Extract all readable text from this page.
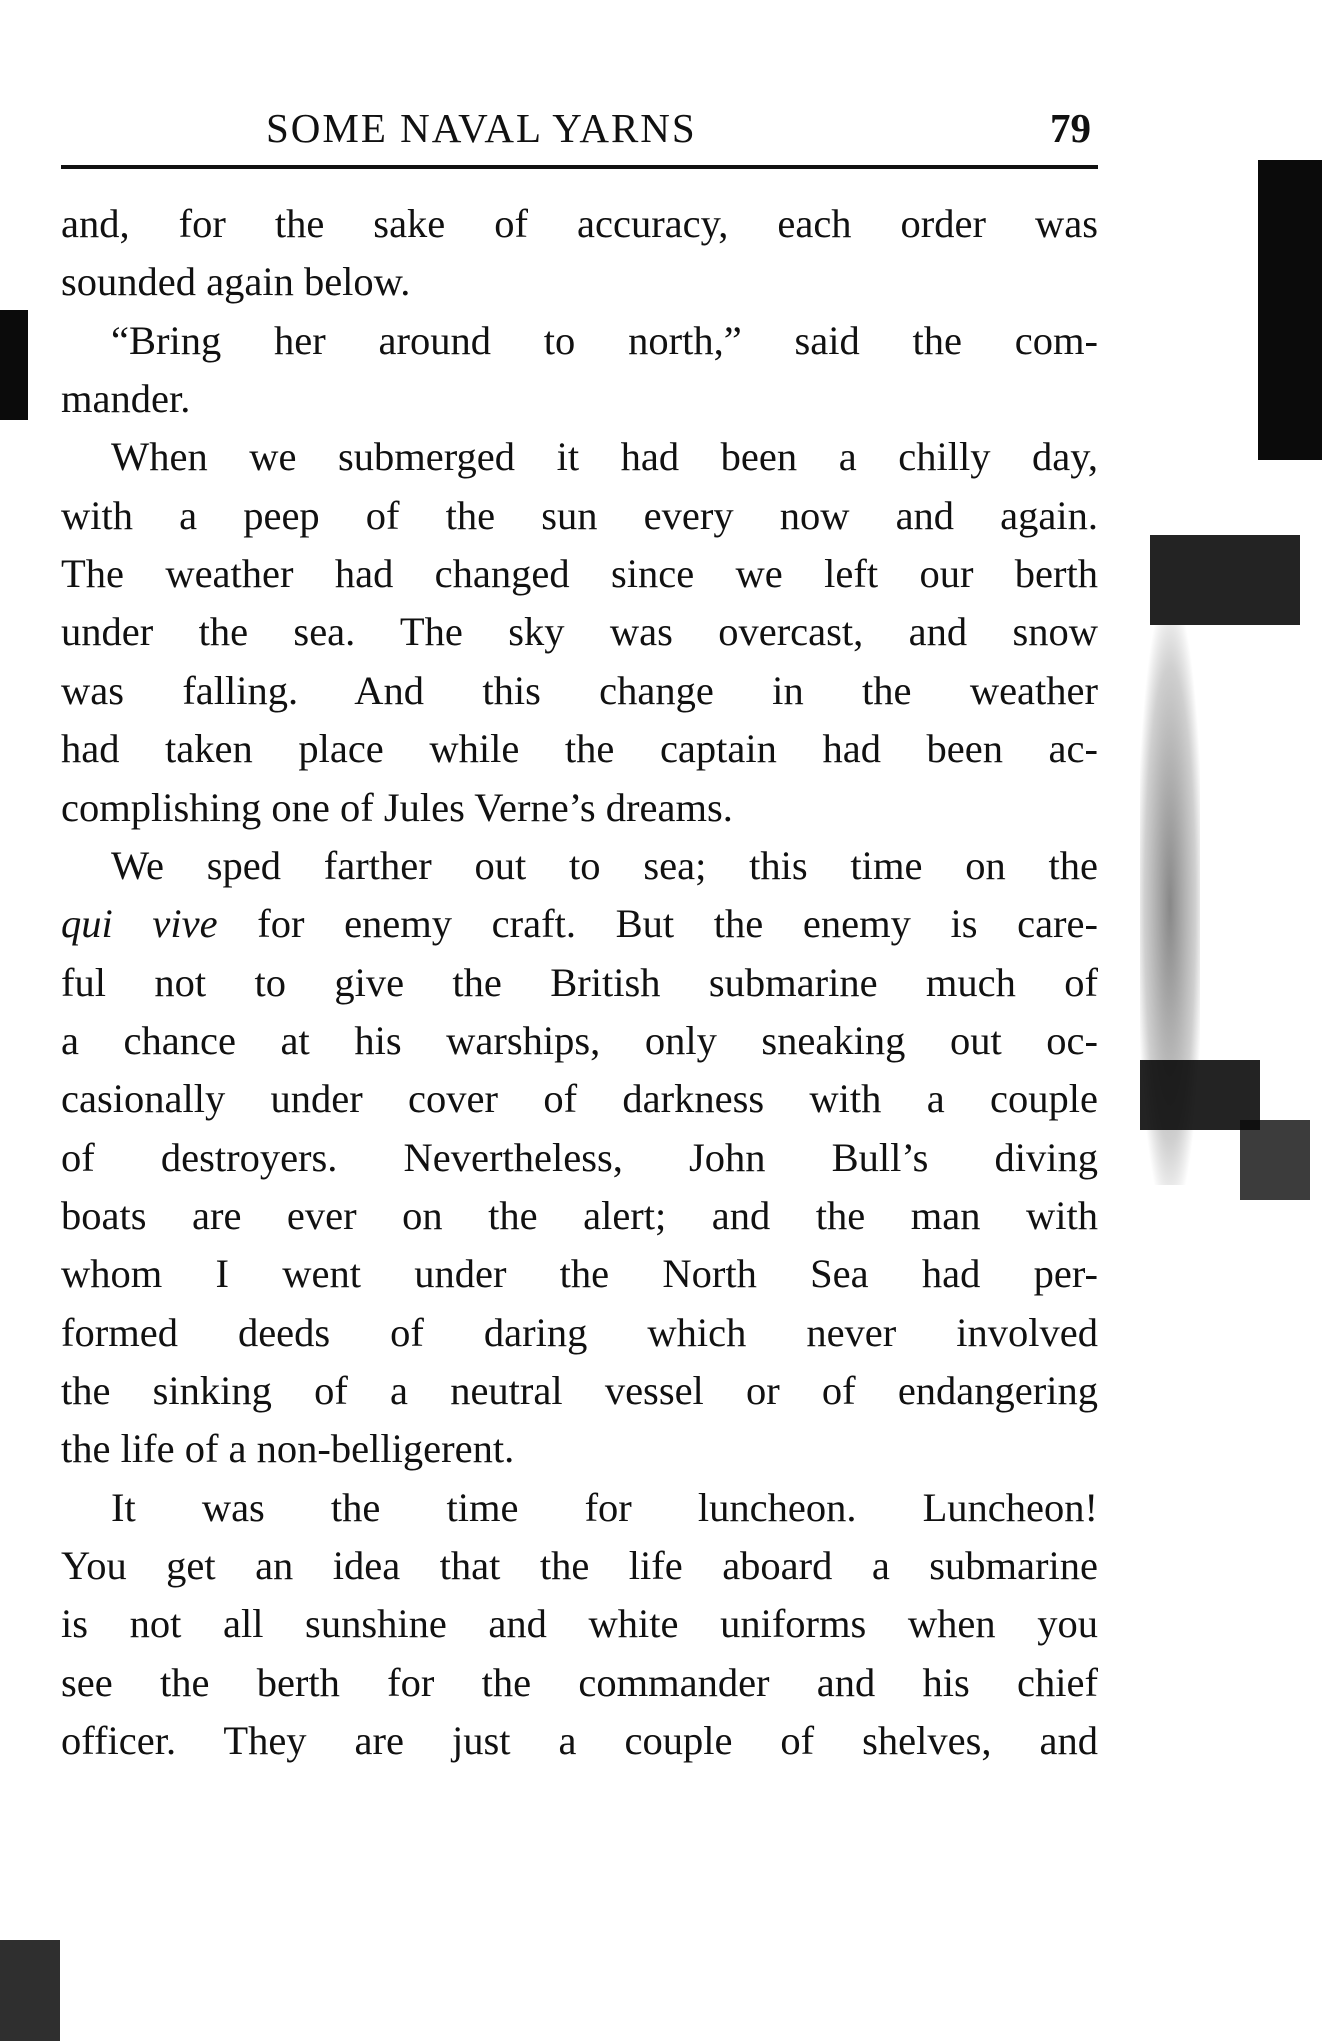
SOME NAVAL YARNS	79
and, for the sake of accuracy, each order was
sounded again below.
“Bring her around to north,” said the com-
mander.
When we submerged it had been a chilly day,
with a peep of the sun every now and again.
The weather had changed since we left our berth
under the sea. The sky was overcast, and snow
was falling. And this change in the weather
had taken place while the captain had been ac-
complishing one of Jules Verne’s dreams.
We sped farther out to sea; this time on the
qui vive for enemy craft. But the enemy is care-
ful not to give the British submarine much of
a chance at his warships, only sneaking out oc-
casionally under cover of darkness with a couple
of destroyers. Nevertheless, John Bull’s diving
boats are ever on the alert; and the man with
whom I went under the North Sea had per-
formed deeds of daring which never involved
the sinking of a neutral vessel or of endangering
the life of a non-belligerent.
It was the time for luncheon. Luncheon!
You get an idea that the life aboard a submarine
is not all sunshine and white uniforms when you
see the berth for the commander and his chief
officer. They are just a couple of shelves, and
